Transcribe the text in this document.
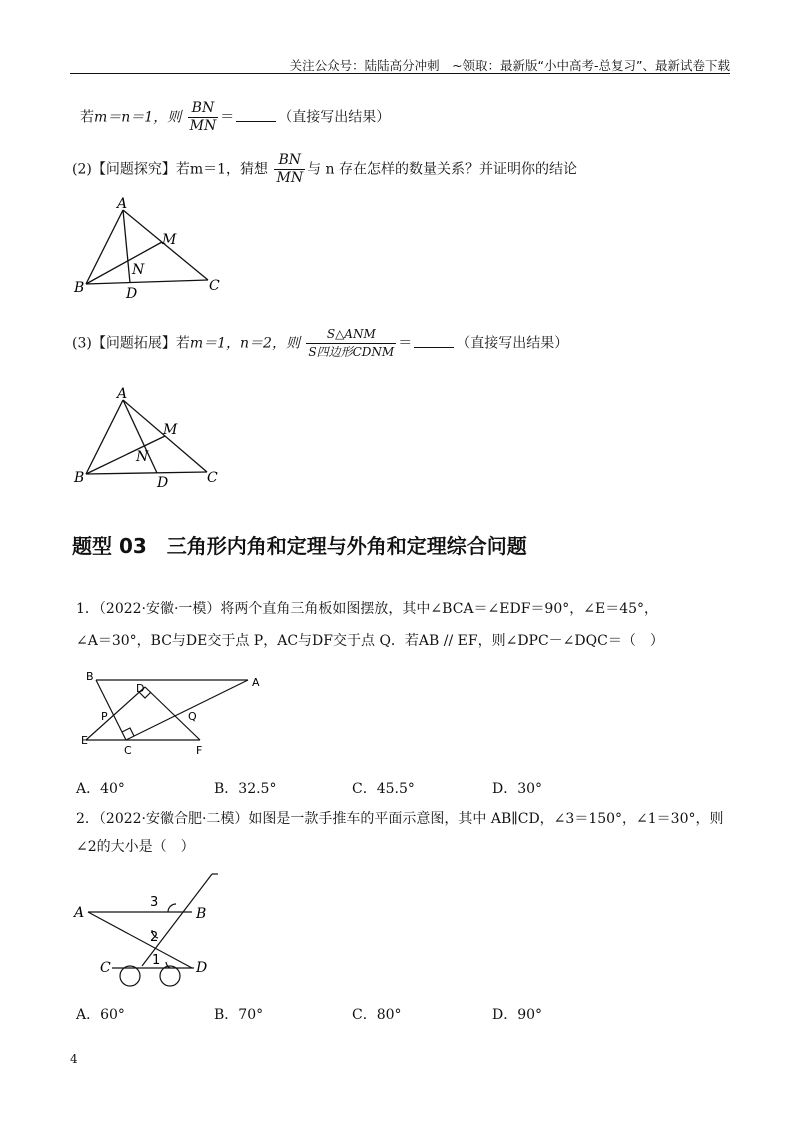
关注公众号：陆陆高分冲刺　~领取：最新版“小中高考-总复习”、最新试卷下载
若m＝n＝1，则 $\frac{BN}{MN}$ ＝	（直接写出结果）
(2)【问题探究】若m＝1，猜想 $\frac{BN}{MN}$ 与 n 存在怎样的数量关系？并证明你的结论
A
M
N
B	D	C
(3)【问题拓展】若m＝1，n＝2，则 $\frac{\text{S△ANM}}{\text{S四边形CDNM}}$ ＝	（直接写出结果）
A
M
N
B	D	C
题型 03　三角形内角和定理与外角和定理综合问题
1．（2022·安徽·一模）将两个直角三角板如图摆放，其中∠BCA＝∠EDF＝90°，∠E＝45°，
∠A＝30°，BC与DE交于点 P，AC与DF交于点 Q．若AB // EF，则∠DPC－∠DQC＝（　）
B	A
D
P	Q
E
C	F
A．40°	B．32.5°	C．45.5°	D．30°
2．（2022·安徽合肥·二模）如图是一款手推车的平面示意图，其中 AB∥CD，∠3＝150°，∠1＝30°，则
∠2的大小是（　）
A
3
B
2
C	1	D
A．60°	B．70°	C．80°	D．90°
4
